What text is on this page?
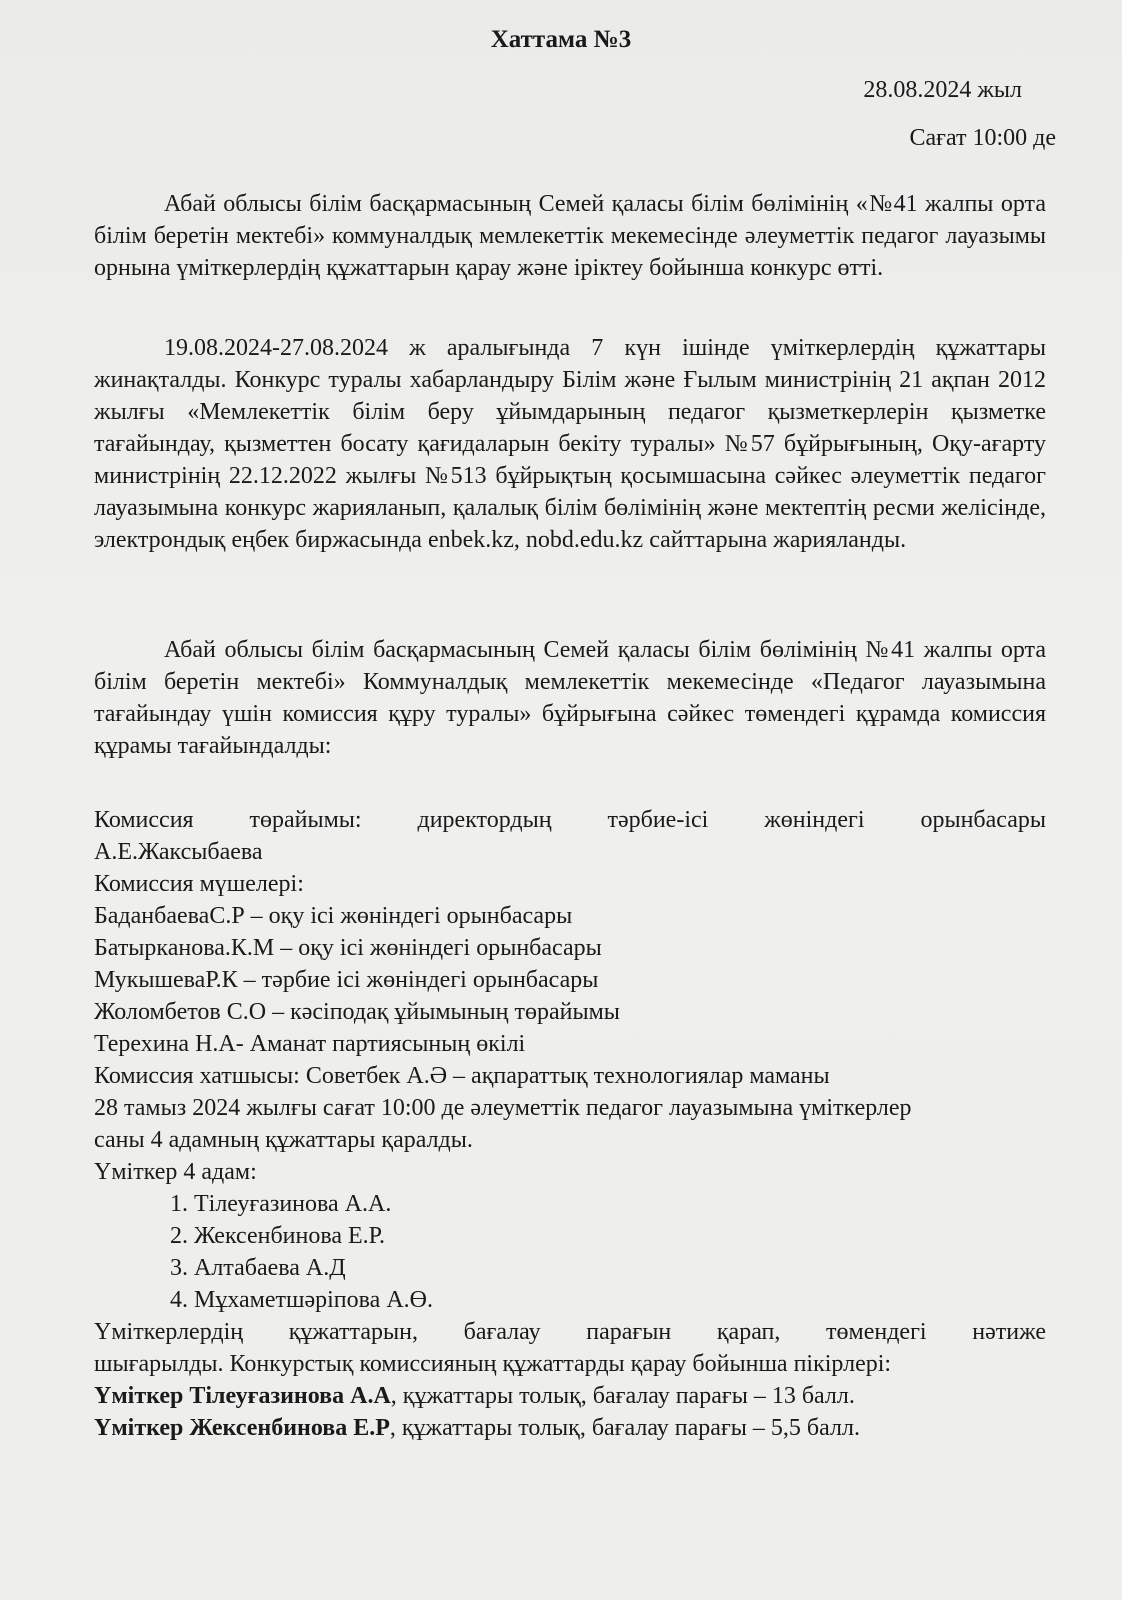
Хаттама №3
28.08.2024 жыл
Сағат 10:00 де

Абай облысы білім басқармасының Семей қаласы білім бөлімінің «№41 жалпы орта білім беретін мектебі» коммуналдық мемлекеттік мекемесінде әлеуметтік педагог лауазымы орнына үміткерлердің құжаттарын қарау және іріктеу бойынша конкурс өтті.

19.08.2024-27.08.2024 ж аралығында 7 күн ішінде үміткерлердің құжаттары жинақталды. Конкурс туралы хабарландыру Білім және Ғылым министрінің 21 ақпан 2012 жылғы «Мемлекеттік білім беру ұйымдарының педагог қызметкерлерін қызметке тағайындау, қызметтен босату қағидаларын бекіту туралы» №57 бұйрығының, Оқу-ағарту министрінің 22.12.2022 жылғы №513 бұйрықтың қосымшасына сәйкес әлеуметтік педагог лауазымына конкурс жарияланып, қалалық білім бөлімінің және мектептің ресми желісінде, электрондық еңбек биржасында enbek.kz, nobd.edu.kz сайттарына жарияланды.

Абай облысы білім басқармасының Семей қаласы білім бөлімінің №41 жалпы орта білім беретін мектебі» Коммуналдық мемлекеттік мекемесінде «Педагог лауазымына тағайындау үшін комиссия құру туралы» бұйрығына сәйкес төмендегі құрамда комиссия құрамы тағайындалды:

Комиссия төрайымы: директордың тәрбие-ісі жөніндегі орынбасары

А.Е.Жаксыбаева

Комиссия мүшелері:

БаданбаеваС.Р – оқу ісі жөніндегі орынбасары

Батырканова.К.М – оқу ісі жөніндегі орынбасары

МукышеваР.К – тәрбие ісі жөніндегі орынбасары

Жоломбетов С.О – кәсіподақ ұйымының төрайымы

Терехина Н.А- Аманат партиясының өкілі

Комиссия хатшысы: Советбек А.Ә – ақпараттық технологиялар маманы

28 тамыз 2024 жылғы сағат 10:00 де әлеуметтік педагог лауазымына үміткерлер

саны 4 адамның құжаттары қаралды.

Үміткер 4 адам:

1. Тілеуғазинова А.А.
2. Жексенбинова Е.Р.
3. Алтабаева А.Д
4. Мұхаметшәріпова А.Ө.

Үміткерлердің құжаттарын, бағалау парағын қарап, төмендегі нәтиже

шығарылды. Конкурстық комиссияның құжаттарды қарау бойынша пікірлері:

Үміткер Тілеуғазинова А.А, құжаттары толық, бағалау парағы – 13 балл.

Үміткер Жексенбинова Е.Р, құжаттары толық, бағалау парағы – 5,5 балл.
